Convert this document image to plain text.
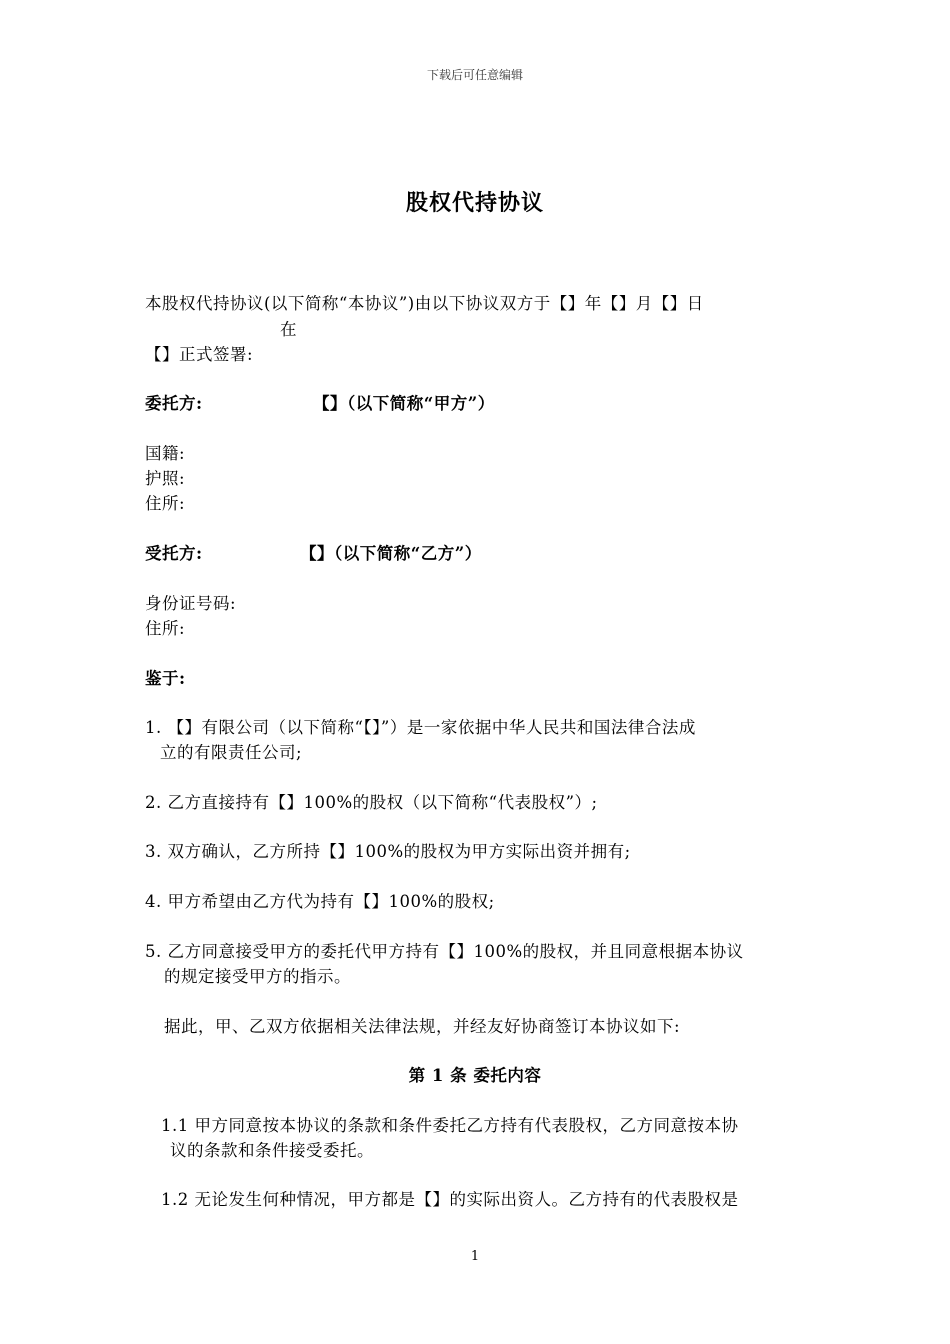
下载后可任意编辑
股权代持协议
本股权代持协议(以下简称“本协议”)由以下协议双方于【】年【】月【】日
在
【】正式签署:
委托方:	【】（以下简称“甲方”）
国籍:
护照:
住所:
受托方:	【】（以下简称“乙方”）
身份证号码:
住所:
鉴于:
1. 【】有限公司（以下简称“【】”）是一家依据中华人民共和国法律合法成
立的有限责任公司;
2. 乙方直接持有【】100%的股权（以下简称“代表股权”）;
3. 双方确认，乙方所持【】100%的股权为甲方实际出资并拥有;
4. 甲方希望由乙方代为持有【】100%的股权;
5. 乙方同意接受甲方的委托代甲方持有【】100%的股权，并且同意根据本协议
的规定接受甲方的指示。
据此，甲、乙双方依据相关法律法规，并经友好协商签订本协议如下:
第 1 条 委托内容
1.1 甲方同意按本协议的条款和条件委托乙方持有代表股权，乙方同意按本协
议的条款和条件接受委托。
1.2 无论发生何种情况，甲方都是【】的实际出资人。乙方持有的代表股权是
1
